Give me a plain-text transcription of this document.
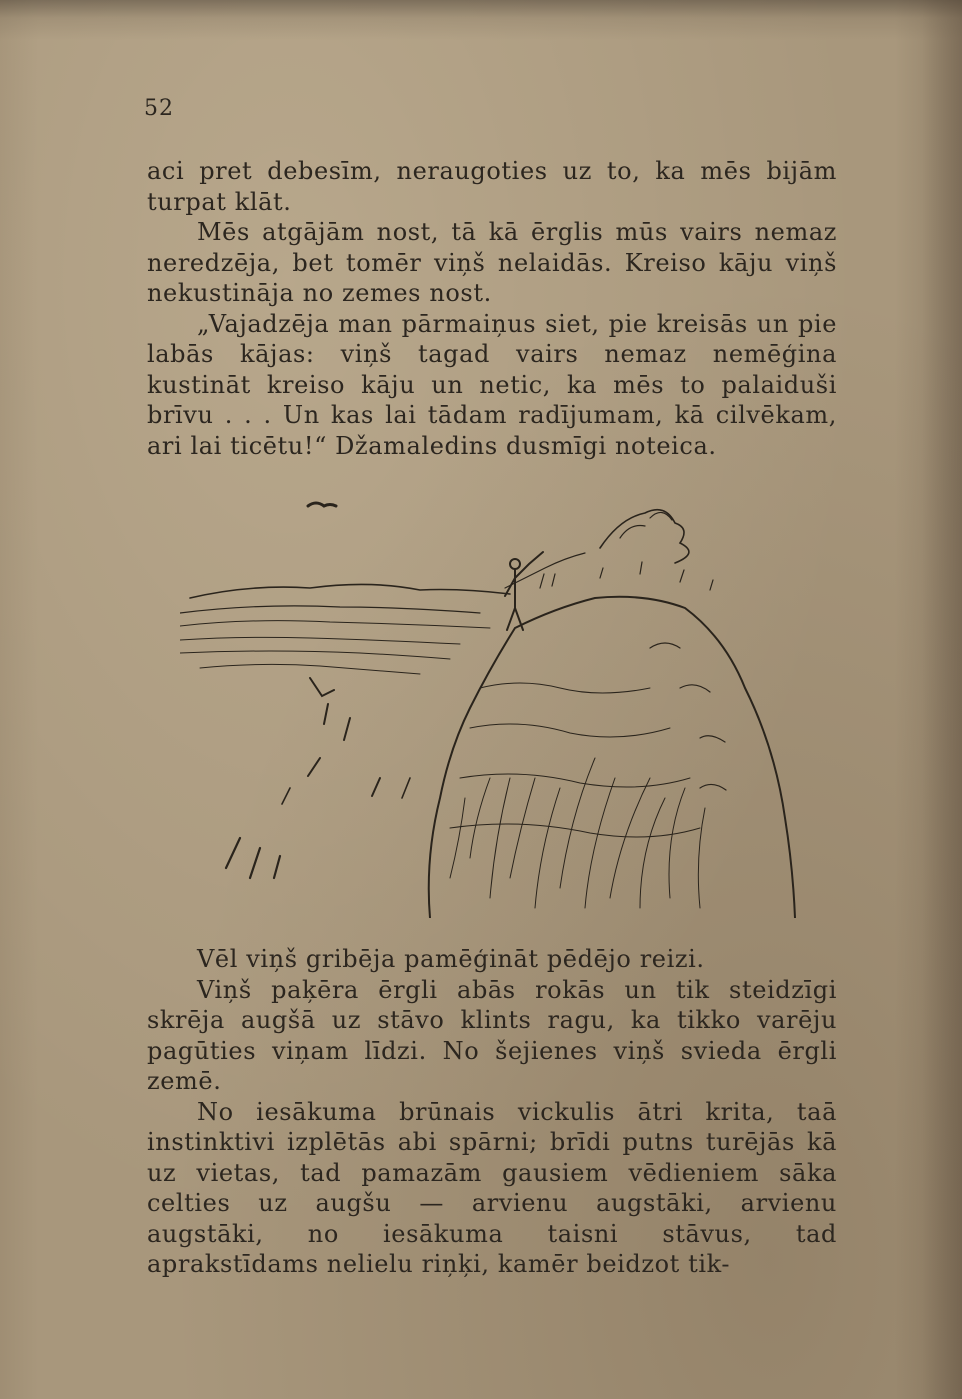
52

aci pret debesīm, neraugoties uz to, ka mēs bijām turpat klāt.

Mēs atgājām nost, tā kā ērglis mūs vairs nemaz neredzēja, bet tomēr viņš nelaidās. Kreiso kāju viņš nekustināja no zemes nost.

„Vajadzēja man pārmaiņus siet, pie kreisās un pie labās kājas: viņš tagad vairs nemaz nemēģina kustināt kreiso kāju un netic, ka mēs to palaiduši brīvu . . . Un kas lai tādam radījumam, kā cilvēkam, ari lai ticētu!“ Džamaledins dusmīgi noteica.

Vēl viņš gribēja pamēģināt pēdējo reizi.

Viņš paķēra ērgli abās rokās un tik steidzīgi skrēja augšā uz stāvo klints ragu, ka tikko varēju pagūties viņam līdzi. No šejienes viņš svieda ērgli zemē.

No iesākuma brūnais vickulis ātri krita, taā instinktivi izplētās abi spārni; brīdi putns turējās kā uz vietas, tad pamazām gausiem vēdieniem sāka celties uz augšu — arvienu augstāki, arvienu augstāki, no iesākuma taisni stāvus, tad aprakstīdams nelielu riņķi, kamēr beidzot tik-
